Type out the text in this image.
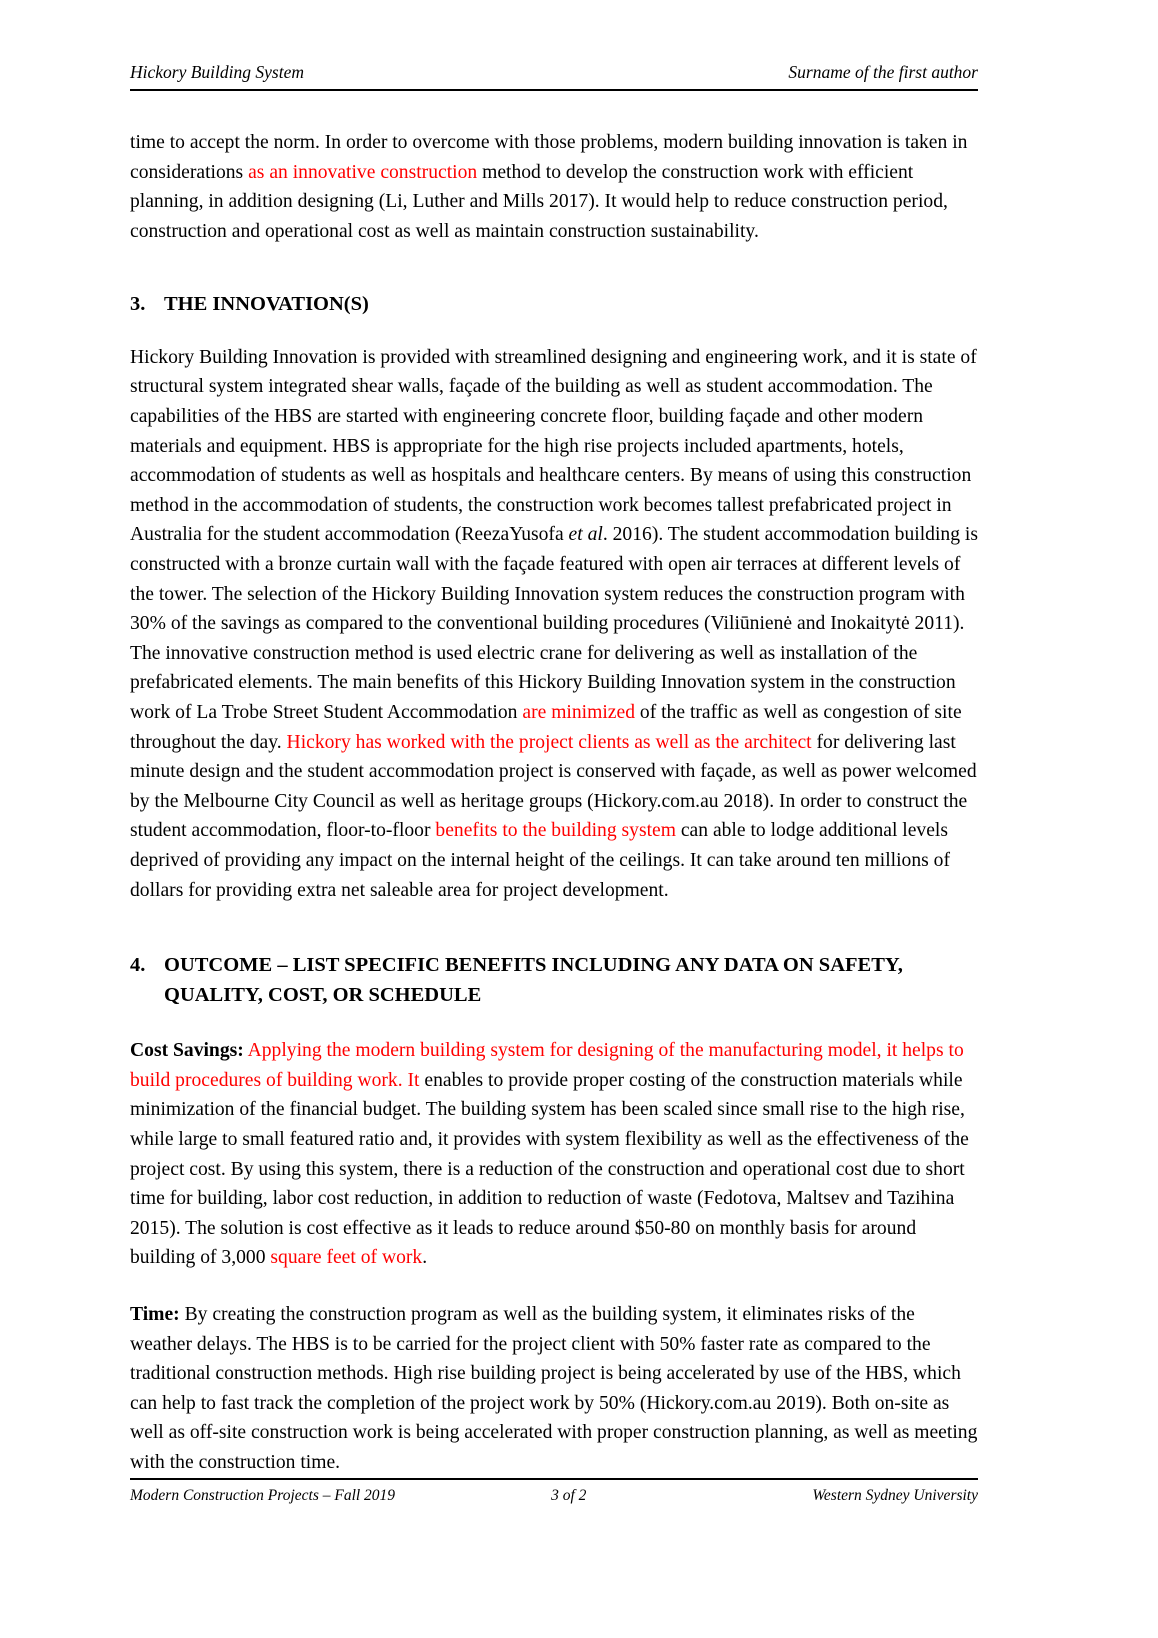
Hickory Building System	Surname of the first author

time to accept the norm. In order to overcome with those problems, modern building innovation is taken in considerations as an innovative construction method to develop the construction work with efficient planning, in addition designing (Li, Luther and Mills 2017). It would help to reduce construction period, construction and operational cost as well as maintain construction sustainability.

3. THE INNOVATION(S)

Hickory Building Innovation is provided with streamlined designing and engineering work, and it is state of structural system integrated shear walls, façade of the building as well as student accommodation. The capabilities of the HBS are started with engineering concrete floor, building façade and other modern materials and equipment. HBS is appropriate for the high rise projects included apartments, hotels, accommodation of students as well as hospitals and healthcare centers. By means of using this construction method in the accommodation of students, the construction work becomes tallest prefabricated project in Australia for the student accommodation (ReezaYusofa et al. 2016). The student accommodation building is constructed with a bronze curtain wall with the façade featured with open air terraces at different levels of the tower. The selection of the Hickory Building Innovation system reduces the construction program with 30% of the savings as compared to the conventional building procedures (Viliūnienė and Inokaitytė 2011). The innovative construction method is used electric crane for delivering as well as installation of the prefabricated elements. The main benefits of this Hickory Building Innovation system in the construction work of La Trobe Street Student Accommodation are minimized of the traffic as well as congestion of site throughout the day. Hickory has worked with the project clients as well as the architect for delivering last minute design and the student accommodation project is conserved with façade, as well as power welcomed by the Melbourne City Council as well as heritage groups (Hickory.com.au 2018). In order to construct the student accommodation, floor-to-floor benefits to the building system can able to lodge additional levels deprived of providing any impact on the internal height of the ceilings. It can take around ten millions of dollars for providing extra net saleable area for project development.

4. OUTCOME – LIST SPECIFIC BENEFITS INCLUDING ANY DATA ON SAFETY, QUALITY, COST, OR SCHEDULE

Cost Savings: Applying the modern building system for designing of the manufacturing model, it helps to build procedures of building work. It enables to provide proper costing of the construction materials while minimization of the financial budget. The building system has been scaled since small rise to the high rise, while large to small featured ratio and, it provides with system flexibility as well as the effectiveness of the project cost. By using this system, there is a reduction of the construction and operational cost due to short time for building, labor cost reduction, in addition to reduction of waste (Fedotova, Maltsev and Tazihina 2015). The solution is cost effective as it leads to reduce around $50-80 on monthly basis for around building of 3,000 square feet of work.

Time: By creating the construction program as well as the building system, it eliminates risks of the weather delays. The HBS is to be carried for the project client with 50% faster rate as compared to the traditional construction methods. High rise building project is being accelerated by use of the HBS, which can help to fast track the completion of the project work by 50% (Hickory.com.au 2019). Both on-site as well as off-site construction work is being accelerated with proper construction planning, as well as meeting with the construction time.

Modern Construction Projects – Fall 2019	3 of 2	Western Sydney University
